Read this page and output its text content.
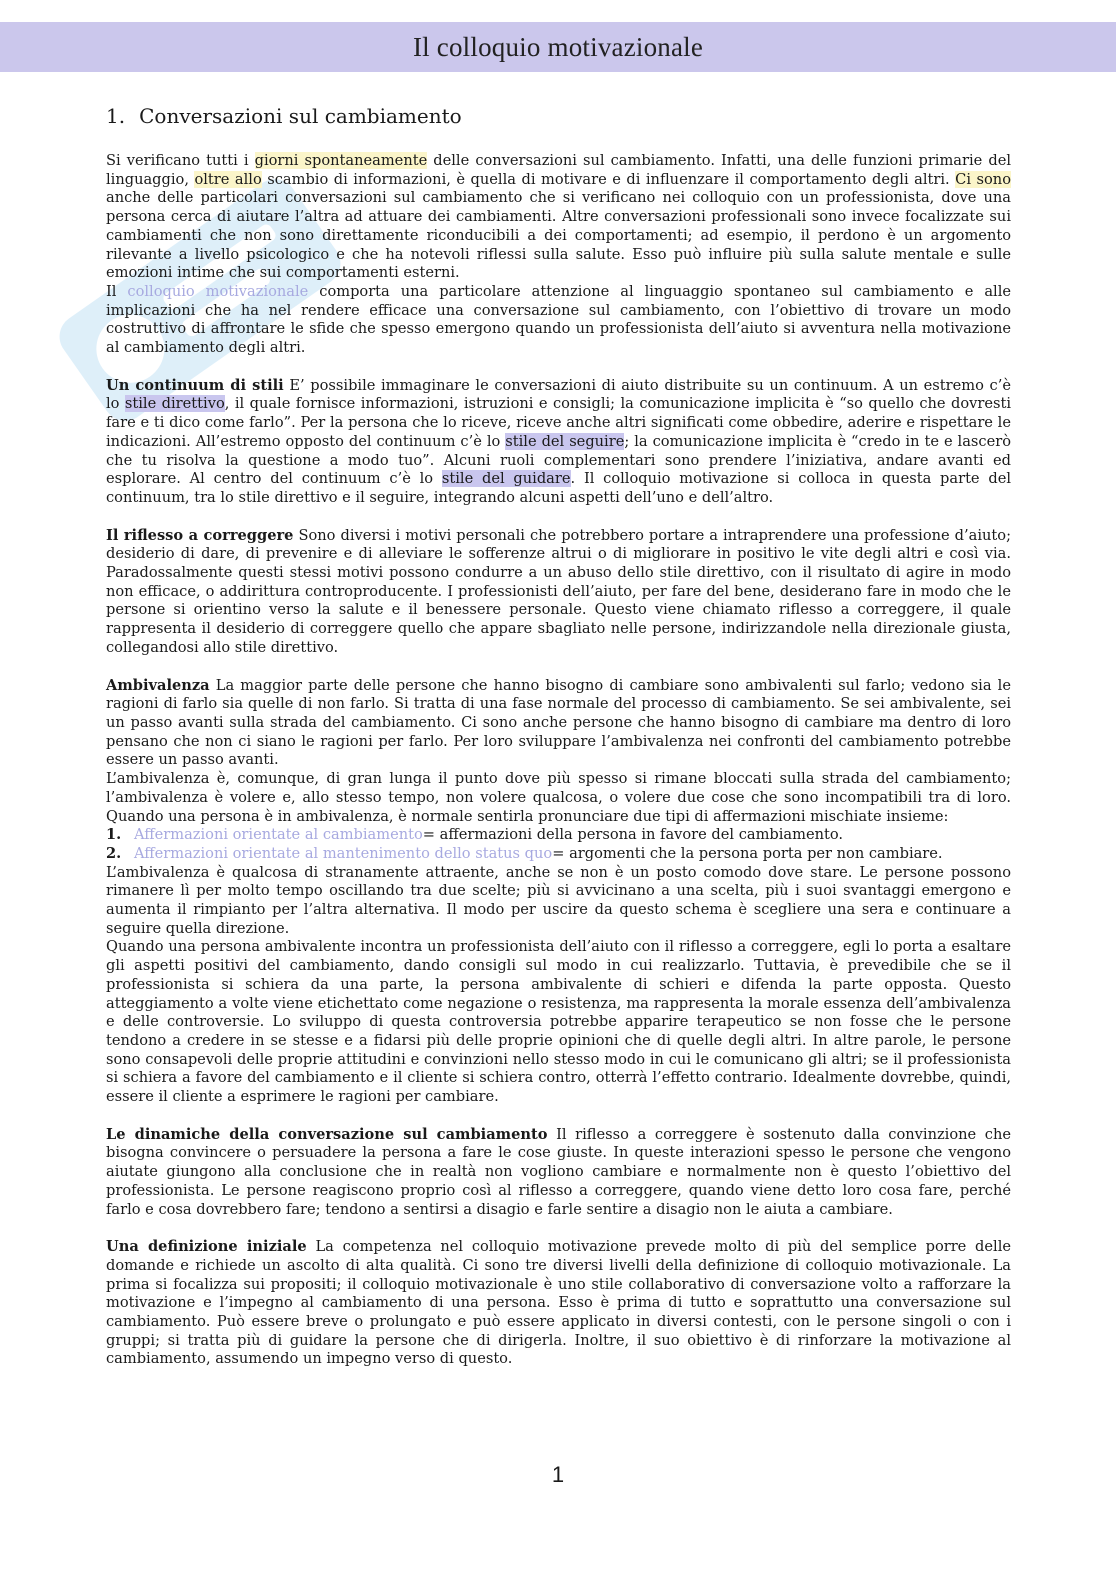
Il colloquio motivazionale
1. Conversazioni sul cambiamento

Si verificano tutti i giorni spontaneamente delle conversazioni sul cambiamento. Infatti, una delle funzioni primarie del linguaggio, oltre allo scambio di informazioni, è quella di motivare e di influenzare il comportamento degli altri. Ci sono anche delle particolari conversazioni sul cambiamento che si verificano nei colloquio con un professionista, dove una persona cerca di aiutare l’altra ad attuare dei cambiamenti. Altre conversazioni professionali sono invece focalizzate sui cambiamenti che non sono direttamente riconducibili a dei comportamenti; ad esempio, il perdono è un argomento rilevante a livello psicologico e che ha notevoli riflessi sulla salute. Esso può influire più sulla salute mentale e sulle emozioni intime che sui comportamenti esterni.

Il colloquio motivazionale comporta una particolare attenzione al linguaggio spontaneo sul cambiamento e alle implicazioni che ha nel rendere efficace una conversazione sul cambiamento, con l’obiettivo di trovare un modo costruttivo di affrontare le sfide che spesso emergono quando un professionista dell’aiuto si avventura nella motivazione al cambiamento degli altri.

Un continuum di stili E’ possibile immaginare le conversazioni di aiuto distribuite su un continuum. A un estremo c’è lo stile direttivo, il quale fornisce informazioni, istruzioni e consigli; la comunicazione implicita è “so quello che dovresti fare e ti dico come farlo”. Per la persona che lo riceve, riceve anche altri significati come obbedire, aderire e rispettare le indicazioni. All’estremo opposto del continuum c’è lo stile del seguire; la comunicazione implicita è “credo in te e lascerò che tu risolva la questione a modo tuo”. Alcuni ruoli complementari sono prendere l’iniziativa, andare avanti ed esplorare. Al centro del continuum c’è lo stile del guidare. Il colloquio motivazione si colloca in questa parte del continuum, tra lo stile direttivo e il seguire, integrando alcuni aspetti dell’uno e dell’altro.

Il riflesso a correggere Sono diversi i motivi personali che potrebbero portare a intraprendere una professione d’aiuto; desiderio di dare, di prevenire e di alleviare le sofferenze altrui o di migliorare in positivo le vite degli altri e così via. Paradossalmente questi stessi motivi possono condurre a un abuso dello stile direttivo, con il risultato di agire in modo non efficace, o addirittura controproducente. I professionisti dell’aiuto, per fare del bene, desiderano fare in modo che le persone si orientino verso la salute e il benessere personale. Questo viene chiamato riflesso a correggere, il quale rappresenta il desiderio di correggere quello che appare sbagliato nelle persone, indirizzandole nella direzionale giusta, collegandosi allo stile direttivo.

Ambivalenza La maggior parte delle persone che hanno bisogno di cambiare sono ambivalenti sul farlo; vedono sia le ragioni di farlo sia quelle di non farlo. Si tratta di una fase normale del processo di cambiamento. Se sei ambivalente, sei un passo avanti sulla strada del cambiamento. Ci sono anche persone che hanno bisogno di cambiare ma dentro di loro pensano che non ci siano le ragioni per farlo. Per loro sviluppare l’ambivalenza nei confronti del cambiamento potrebbe essere un passo avanti.

L’ambivalenza è, comunque, di gran lunga il punto dove più spesso si rimane bloccati sulla strada del cambiamento; l’ambivalenza è volere e, allo stesso tempo, non volere qualcosa, o volere due cose che sono incompatibili tra di loro. Quando una persona è in ambivalenza, è normale sentirla pronunciare due tipi di affermazioni mischiate insieme:

1. Affermazioni orientate al cambiamento= affermazioni della persona in favore del cambiamento.
2. Affermazioni orientate al mantenimento dello status quo= argomenti che la persona porta per non cambiare.

L’ambivalenza è qualcosa di stranamente attraente, anche se non è un posto comodo dove stare. Le persone possono rimanere lì per molto tempo oscillando tra due scelte; più si avvicinano a una scelta, più i suoi svantaggi emergono e aumenta il rimpianto per l’altra alternativa. Il modo per uscire da questo schema è scegliere una sera e continuare a seguire quella direzione.

Quando una persona ambivalente incontra un professionista dell’aiuto con il riflesso a correggere, egli lo porta a esaltare gli aspetti positivi del cambiamento, dando consigli sul modo in cui realizzarlo. Tuttavia, è prevedibile che se il professionista si schiera da una parte, la persona ambivalente di schieri e difenda la parte opposta. Questo atteggiamento a volte viene etichettato come negazione o resistenza, ma rappresenta la morale essenza dell’ambivalenza e delle controversie. Lo sviluppo di questa controversia potrebbe apparire terapeutico se non fosse che le persone tendono a credere in se stesse e a fidarsi più delle proprie opinioni che di quelle degli altri. In altre parole, le persone sono consapevoli delle proprie attitudini e convinzioni nello stesso modo in cui le comunicano gli altri; se il professionista si schiera a favore del cambiamento e il cliente si schiera contro, otterrà l’effetto contrario. Idealmente dovrebbe, quindi, essere il cliente a esprimere le ragioni per cambiare.

Le dinamiche della conversazione sul cambiamento Il riflesso a correggere è sostenuto dalla convinzione che bisogna convincere o persuadere la persona a fare le cose giuste. In queste interazioni spesso le persone che vengono aiutate giungono alla conclusione che in realtà non vogliono cambiare e normalmente non è questo l’obiettivo del professionista. Le persone reagiscono proprio così al riflesso a correggere, quando viene detto loro cosa fare, perché farlo e cosa dovrebbero fare; tendono a sentirsi a disagio e farle sentire a disagio non le aiuta a cambiare.

Una definizione iniziale La competenza nel colloquio motivazione prevede molto di più del semplice porre delle domande e richiede un ascolto di alta qualità. Ci sono tre diversi livelli della definizione di colloquio motivazionale. La prima si focalizza sui propositi; il colloquio motivazionale è uno stile collaborativo di conversazione volto a rafforzare la motivazione e l’impegno al cambiamento di una persona. Esso è prima di tutto e soprattutto una conversazione sul cambiamento. Può essere breve o prolungato e può essere applicato in diversi contesti, con le persone singoli o con i gruppi; si tratta più di guidare la persone che di dirigerla. Inoltre, il suo obiettivo è di rinforzare la motivazione al cambiamento, assumendo un impegno verso di questo.

1
